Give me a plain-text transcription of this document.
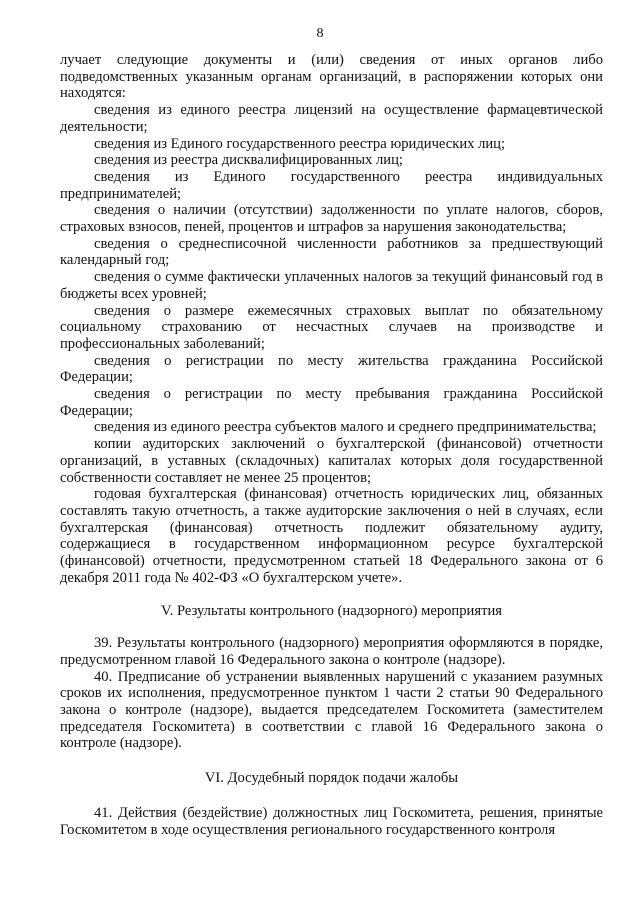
8

лучает следующие документы и (или) сведения от иных органов либо подведомственных указанным органам организаций, в распоряжении которых они находятся:

сведения из единого реестра лицензий на осуществление фармацевтической деятельности;

сведения из Единого государственного реестра юридических лиц;

сведения из реестра дисквалифицированных лиц;

сведения из Единого государственного реестра индивидуальных предпринимателей;

сведения о наличии (отсутствии) задолженности по уплате налогов, сборов, страховых взносов, пеней, процентов и штрафов за нарушения законодательства;

сведения о среднесписочной численности работников за предшествующий календарный год;

сведения о сумме фактически уплаченных налогов за текущий финансовый год в бюджеты всех уровней;

сведения о размере ежемесячных страховых выплат по обязательному социальному страхованию от несчастных случаев на производстве и профессиональных заболеваний;

сведения о регистрации по месту жительства гражданина Российской Федерации;

сведения о регистрации по месту пребывания гражданина Российской Федерации;

сведения из единого реестра субъектов малого и среднего предпринимательства;

копии аудиторских заключений о бухгалтерской (финансовой) отчетности организаций, в уставных (складочных) капиталах которых доля государственной собственности составляет не менее 25 процентов;

годовая бухгалтерская (финансовая) отчетность юридических лиц, обязанных составлять такую отчетность, а также аудиторские заключения о ней в случаях, если бухгалтерская (финансовая) отчетность подлежит обязательному аудиту, содержащиеся в государственном информационном ресурсе бухгалтерской (финансовой) отчетности, предусмотренном статьей 18 Федерального закона от 6 декабря 2011 года № 402-ФЗ «О бухгалтерском учете».

V. Результаты контрольного (надзорного) мероприятия

39. Результаты контрольного (надзорного) мероприятия оформляются в порядке, предусмотренном главой 16 Федерального закона о контроле (надзоре).

40. Предписание об устранении выявленных нарушений с указанием разумных сроков их исполнения, предусмотренное пунктом 1 части 2 статьи 90 Федерального закона о контроле (надзоре), выдается председателем Госкомитета (заместителем председателя Госкомитета) в соответствии с главой 16 Федерального закона о контроле (надзоре).

VI. Досудебный порядок подачи жалобы

41. Действия (бездействие) должностных лиц Госкомитета, решения, принятые Госкомитетом в ходе осуществления регионального государственного контроля
